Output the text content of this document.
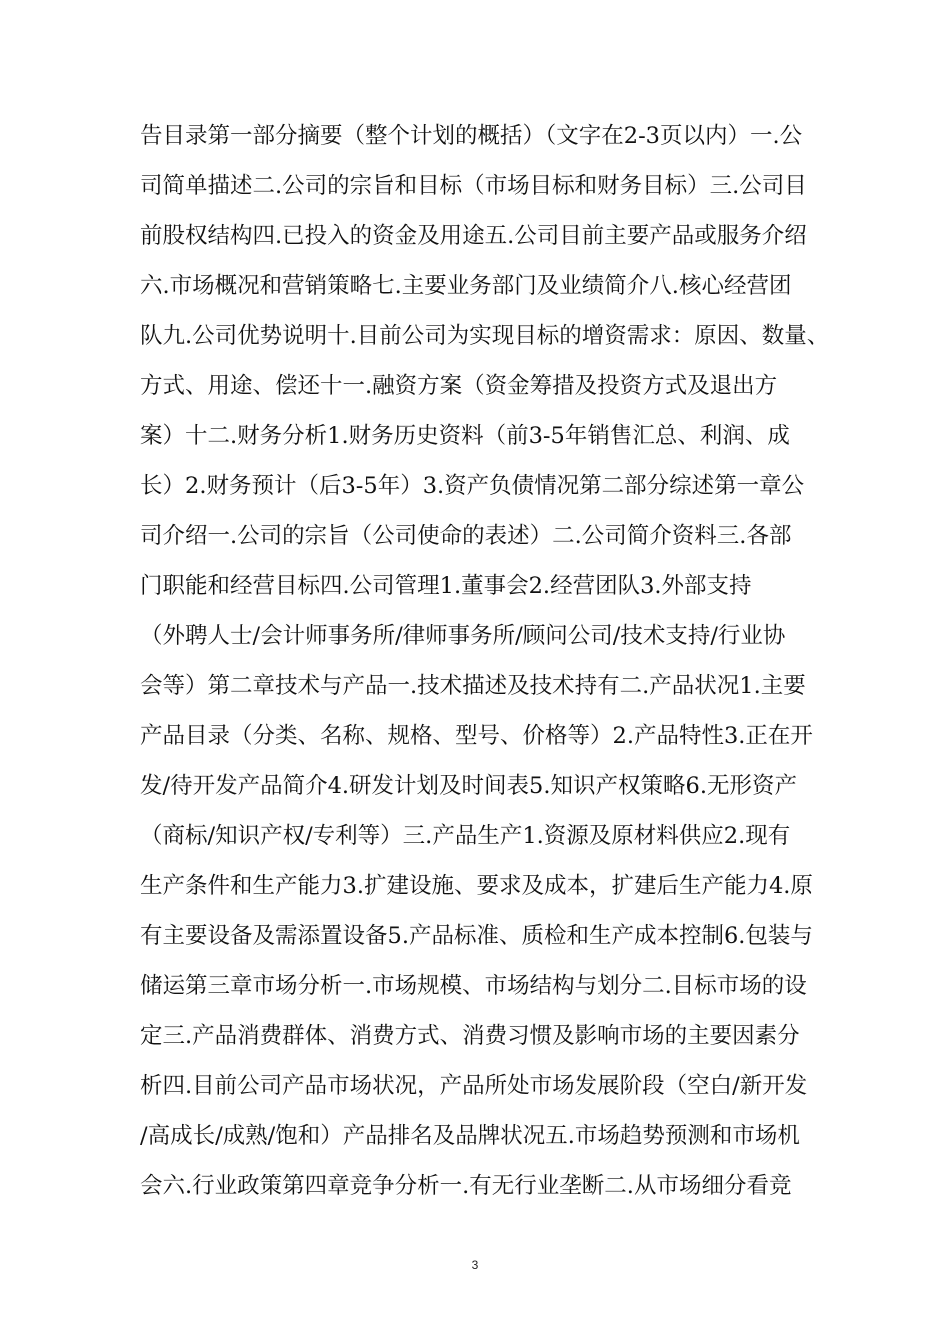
告目录第一部分摘要（整个计划的概括）（文字在2-3页以内）一.公
司简单描述二.公司的宗旨和目标（市场目标和财务目标）三.公司目
前股权结构四.已投入的资金及用途五.公司目前主要产品或服务介绍
六.市场概况和营销策略七.主要业务部门及业绩简介八.核心经营团
队九.公司优势说明十.目前公司为实现目标的增资需求：原因、数量、
方式、用途、偿还十一.融资方案（资金筹措及投资方式及退出方
案）十二.财务分析1.财务历史资料（前3-5年销售汇总、利润、成
长）2.财务预计（后3-5年）3.资产负债情况第二部分综述第一章公
司介绍一.公司的宗旨（公司使命的表述）二.公司简介资料三.各部
门职能和经营目标四.公司管理1.董事会2.经营团队3.外部支持
（外聘人士/会计师事务所/律师事务所/顾问公司/技术支持/行业协
会等）第二章技术与产品一.技术描述及技术持有二.产品状况1.主要
产品目录（分类、名称、规格、型号、价格等）2.产品特性3.正在开
发/待开发产品简介4.研发计划及时间表5.知识产权策略6.无形资产
（商标/知识产权/专利等）三.产品生产1.资源及原材料供应2.现有
生产条件和生产能力3.扩建设施、要求及成本，扩建后生产能力4.原
有主要设备及需添置设备5.产品标准、质检和生产成本控制6.包装与
储运第三章市场分析一.市场规模、市场结构与划分二.目标市场的设
定三.产品消费群体、消费方式、消费习惯及影响市场的主要因素分
析四.目前公司产品市场状况，产品所处市场发展阶段（空白/新开发
/高成长/成熟/饱和）产品排名及品牌状况五.市场趋势预测和市场机
会六.行业政策第四章竞争分析一.有无行业垄断二.从市场细分看竞
3
